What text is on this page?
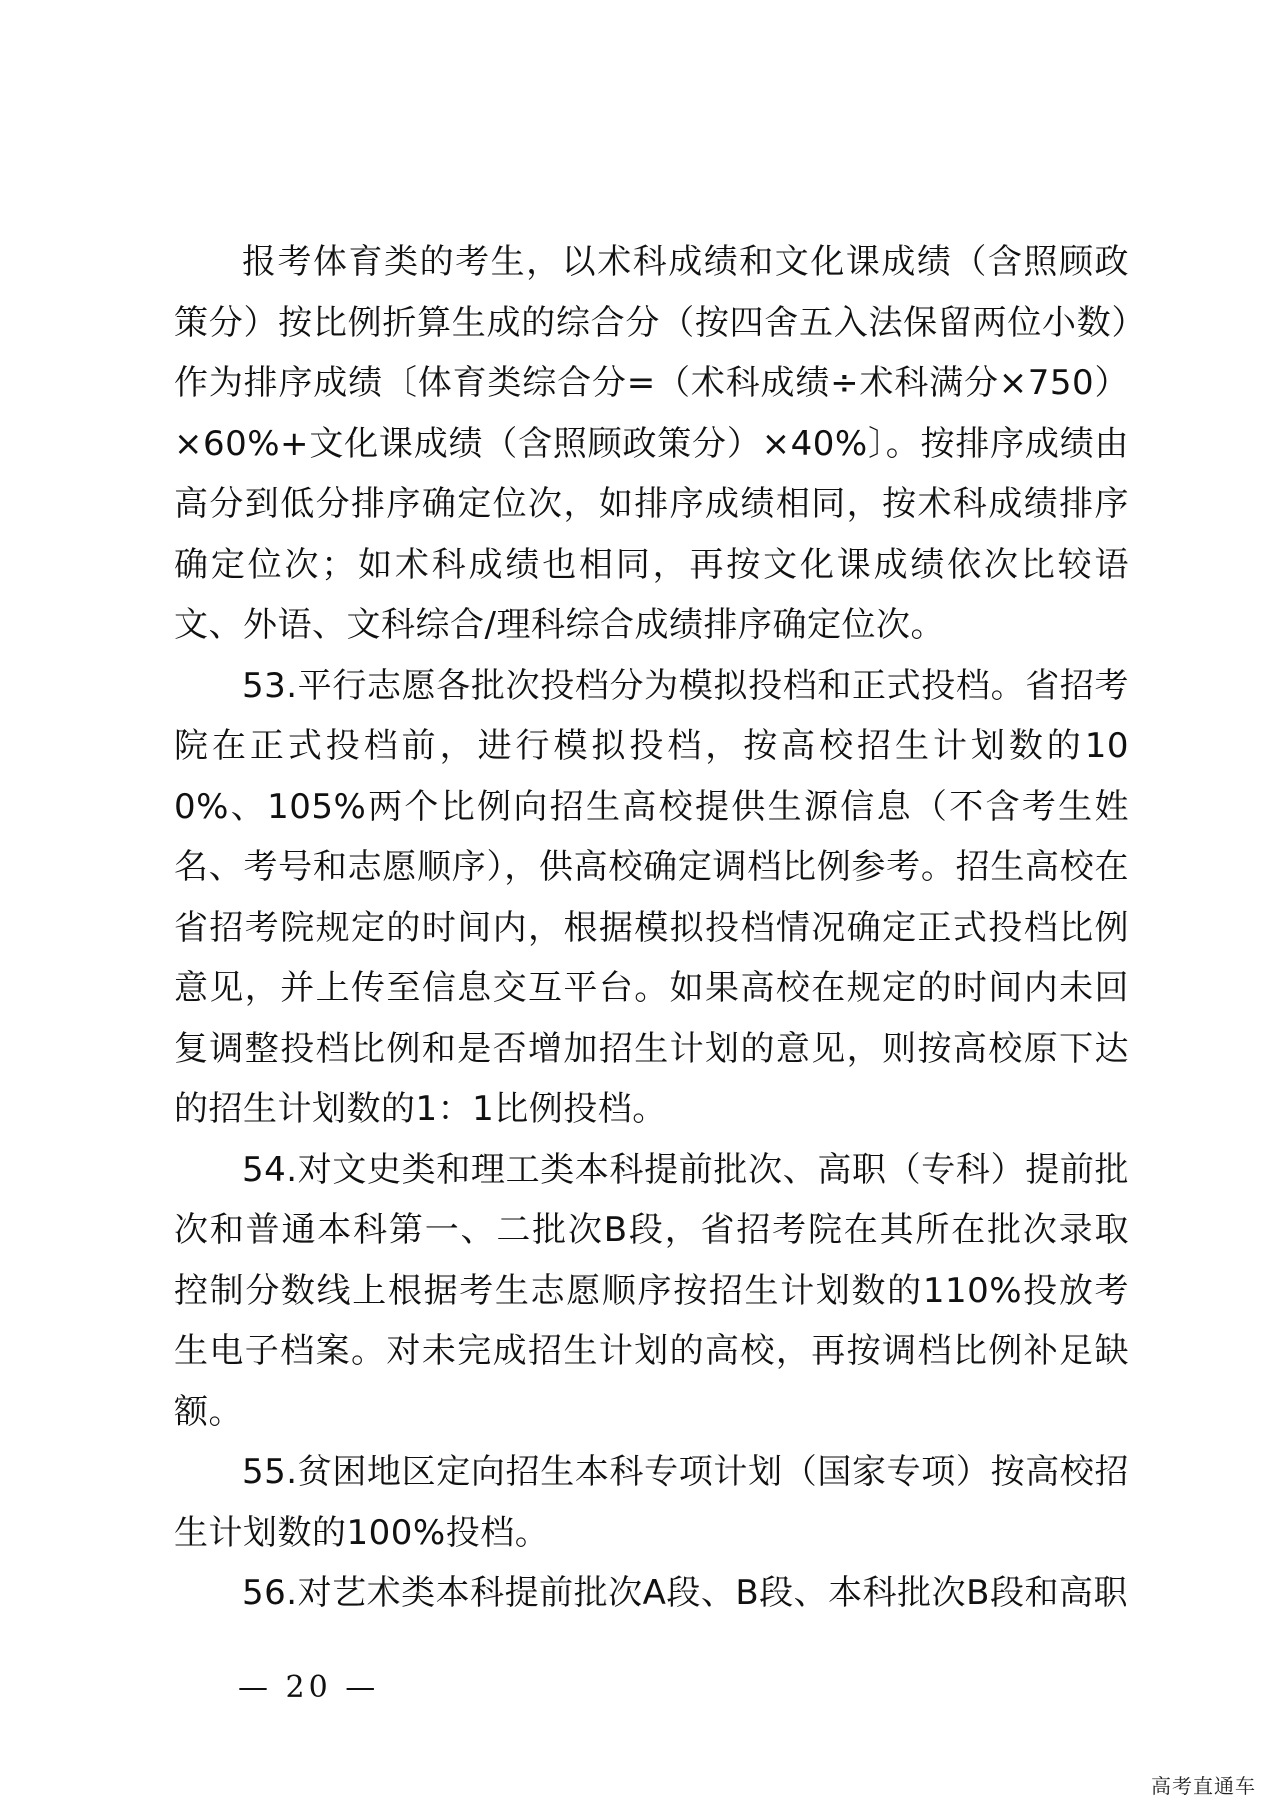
报考体育类的考生，以术科成绩和文化课成绩（含照顾政策分）按比例折算生成的综合分（按四舍五入法保留两位小数）作为排序成绩〔体育类综合分=（术科成绩÷术科满分×750）×60%+文化课成绩（含照顾政策分）×40%〕。按排序成绩由高分到低分排序确定位次，如排序成绩相同，按术科成绩排序确定位次；如术科成绩也相同，再按文化课成绩依次比较语文、外语、文科综合/理科综合成绩排序确定位次。

53.平行志愿各批次投档分为模拟投档和正式投档。省招考院在正式投档前，进行模拟投档，按高校招生计划数的100%、105%两个比例向招生高校提供生源信息（不含考生姓名、考号和志愿顺序），供高校确定调档比例参考。招生高校在省招考院规定的时间内，根据模拟投档情况确定正式投档比例意见，并上传至信息交互平台。如果高校在规定的时间内未回复调整投档比例和是否增加招生计划的意见，则按高校原下达的招生计划数的1：1比例投档。

54.对文史类和理工类本科提前批次、高职（专科）提前批次和普通本科第一、二批次B段，省招考院在其所在批次录取控制分数线上根据考生志愿顺序按招生计划数的110%投放考生电子档案。对未完成招生计划的高校，再按调档比例补足缺额。

55.贫困地区定向招生本科专项计划（国家专项）按高校招生计划数的100%投档。

56.对艺术类本科提前批次A段、B段、本科批次B段和高职

— 20 —
高考直通车
